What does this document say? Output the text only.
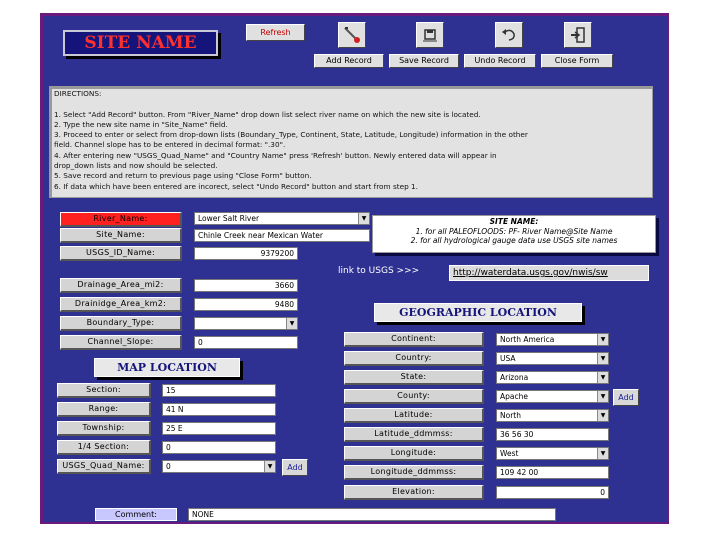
SITE NAME
Refresh
Add Record	Save Record	Undo Record	Close Form
DIRECTIONS:

1. Select "Add Record" button. From "River_Name" drop down list select river name on which the new site is located.
2. Type the new site name in "Site_Name" field.
3. Proceed to enter or select from drop-down lists (Boundary_Type, Continent, State, Latitude, Longitude) information in the other
field. Channel slope has to be entered in decimal format: ".30".
4. After entering new "USGS_Quad_Name" and "Country Name" press 'Refresh' button. Newly entered data will appear in
drop_down lists and now should be selected.
5. Save record and return to previous page using "Close Form" button.
6. If data which have been entered are incorect, select "Undo Record" button and start from step 1.
River_Name:	Lower Salt River	▼
Site_Name:	Chinle Creek near Mexican Water
USGS_ID_Name:	9379200
Drainage_Area_mi2:	3660
Drainidge_Area_km2:	9480
Boundary_Type:	▼
Channel_Slope:	0
SITE NAME:
1. for all PALEOFLOODS: PF- River Name@Site Name
2. for all hydrological gauge data use USGS site names
link to USGS >>>	http://waterdata.usgs.gov/nwis/sw
GEOGRAPHIC LOCATION
Continent:	North America	▼
Country:	USA	▼
State:	Arizona	▼
County:	Apache	▼	Add
Latitude:	North	▼
Latitude_ddmmss:	36 56 30
Longitude:	West	▼
Longitude_ddmmss:	109 42 00
Elevation:	0
MAP LOCATION
Section:	15
Range:	41 N
Township:	25 E
1/4 Section:	0
USGS_Quad_Name:	0	▼	Add
Comment:	NONE
